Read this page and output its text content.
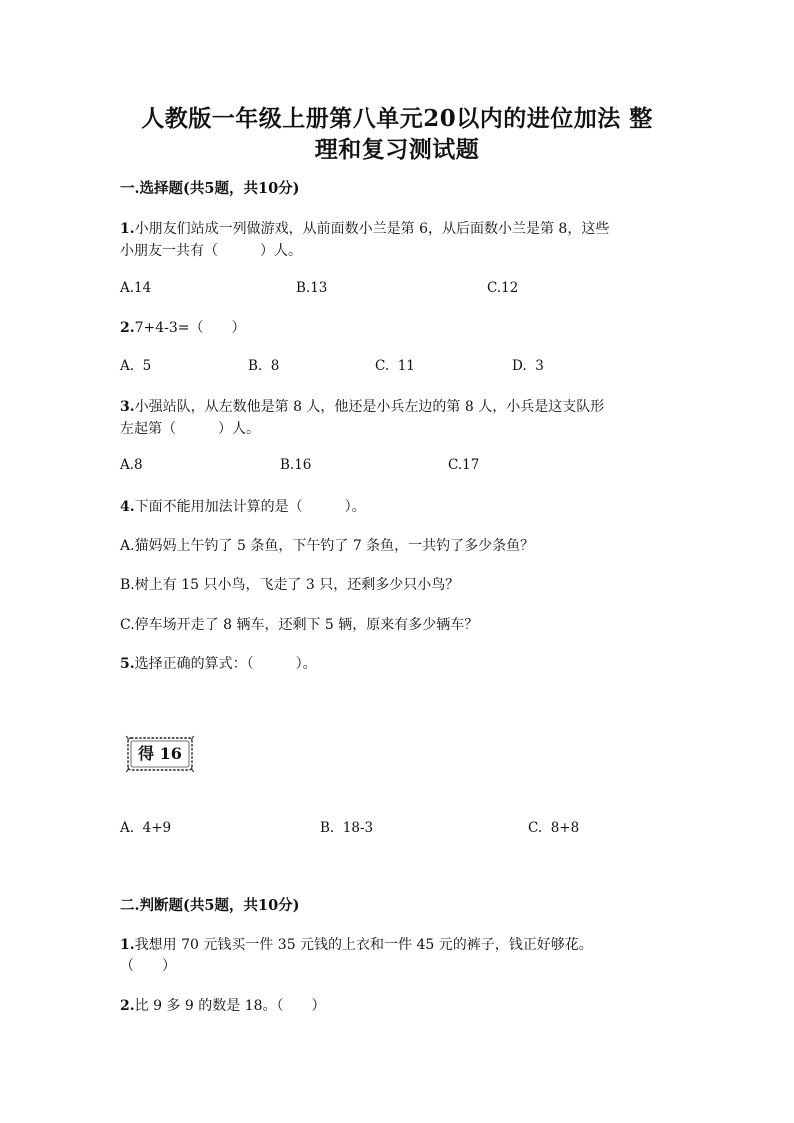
人教版一年级上册第八单元20以内的进位加法 整
理和复习测试题
一.选择题(共5题，共10分)
1.小朋友们站成一列做游戏，从前面数小兰是第 6，从后面数小兰是第 8，这些
小朋友一共有（　　　）人。
A.14	B.13	C.12
2.7+4-3=（　　）
A.  5	B.  8	C.  11	D.  3
3.小强站队，从左数他是第 8 人，他还是小兵左边的第 8 人，小兵是这支队形
左起第（　　　）人。
A.8	B.16	C.17
4.下面不能用加法计算的是（　　　）。
A.猫妈妈上午钓了 5 条鱼，下午钓了 7 条鱼，一共钓了多少条鱼？
B.树上有 15 只小鸟，飞走了 3 只，还剩多少只小鸟？
C.停车场开走了 8 辆车，还剩下 5 辆，原来有多少辆车？
5.选择正确的算式：（　　　）。
得 16
A.  4+9	B.  18-3	C.  8+8
二.判断题(共5题，共10分)
1.我想用 70 元钱买一件 35 元钱的上衣和一件 45 元的裤子，钱正好够花。
（　　）
2.比 9 多 9 的数是 18。（　　）
